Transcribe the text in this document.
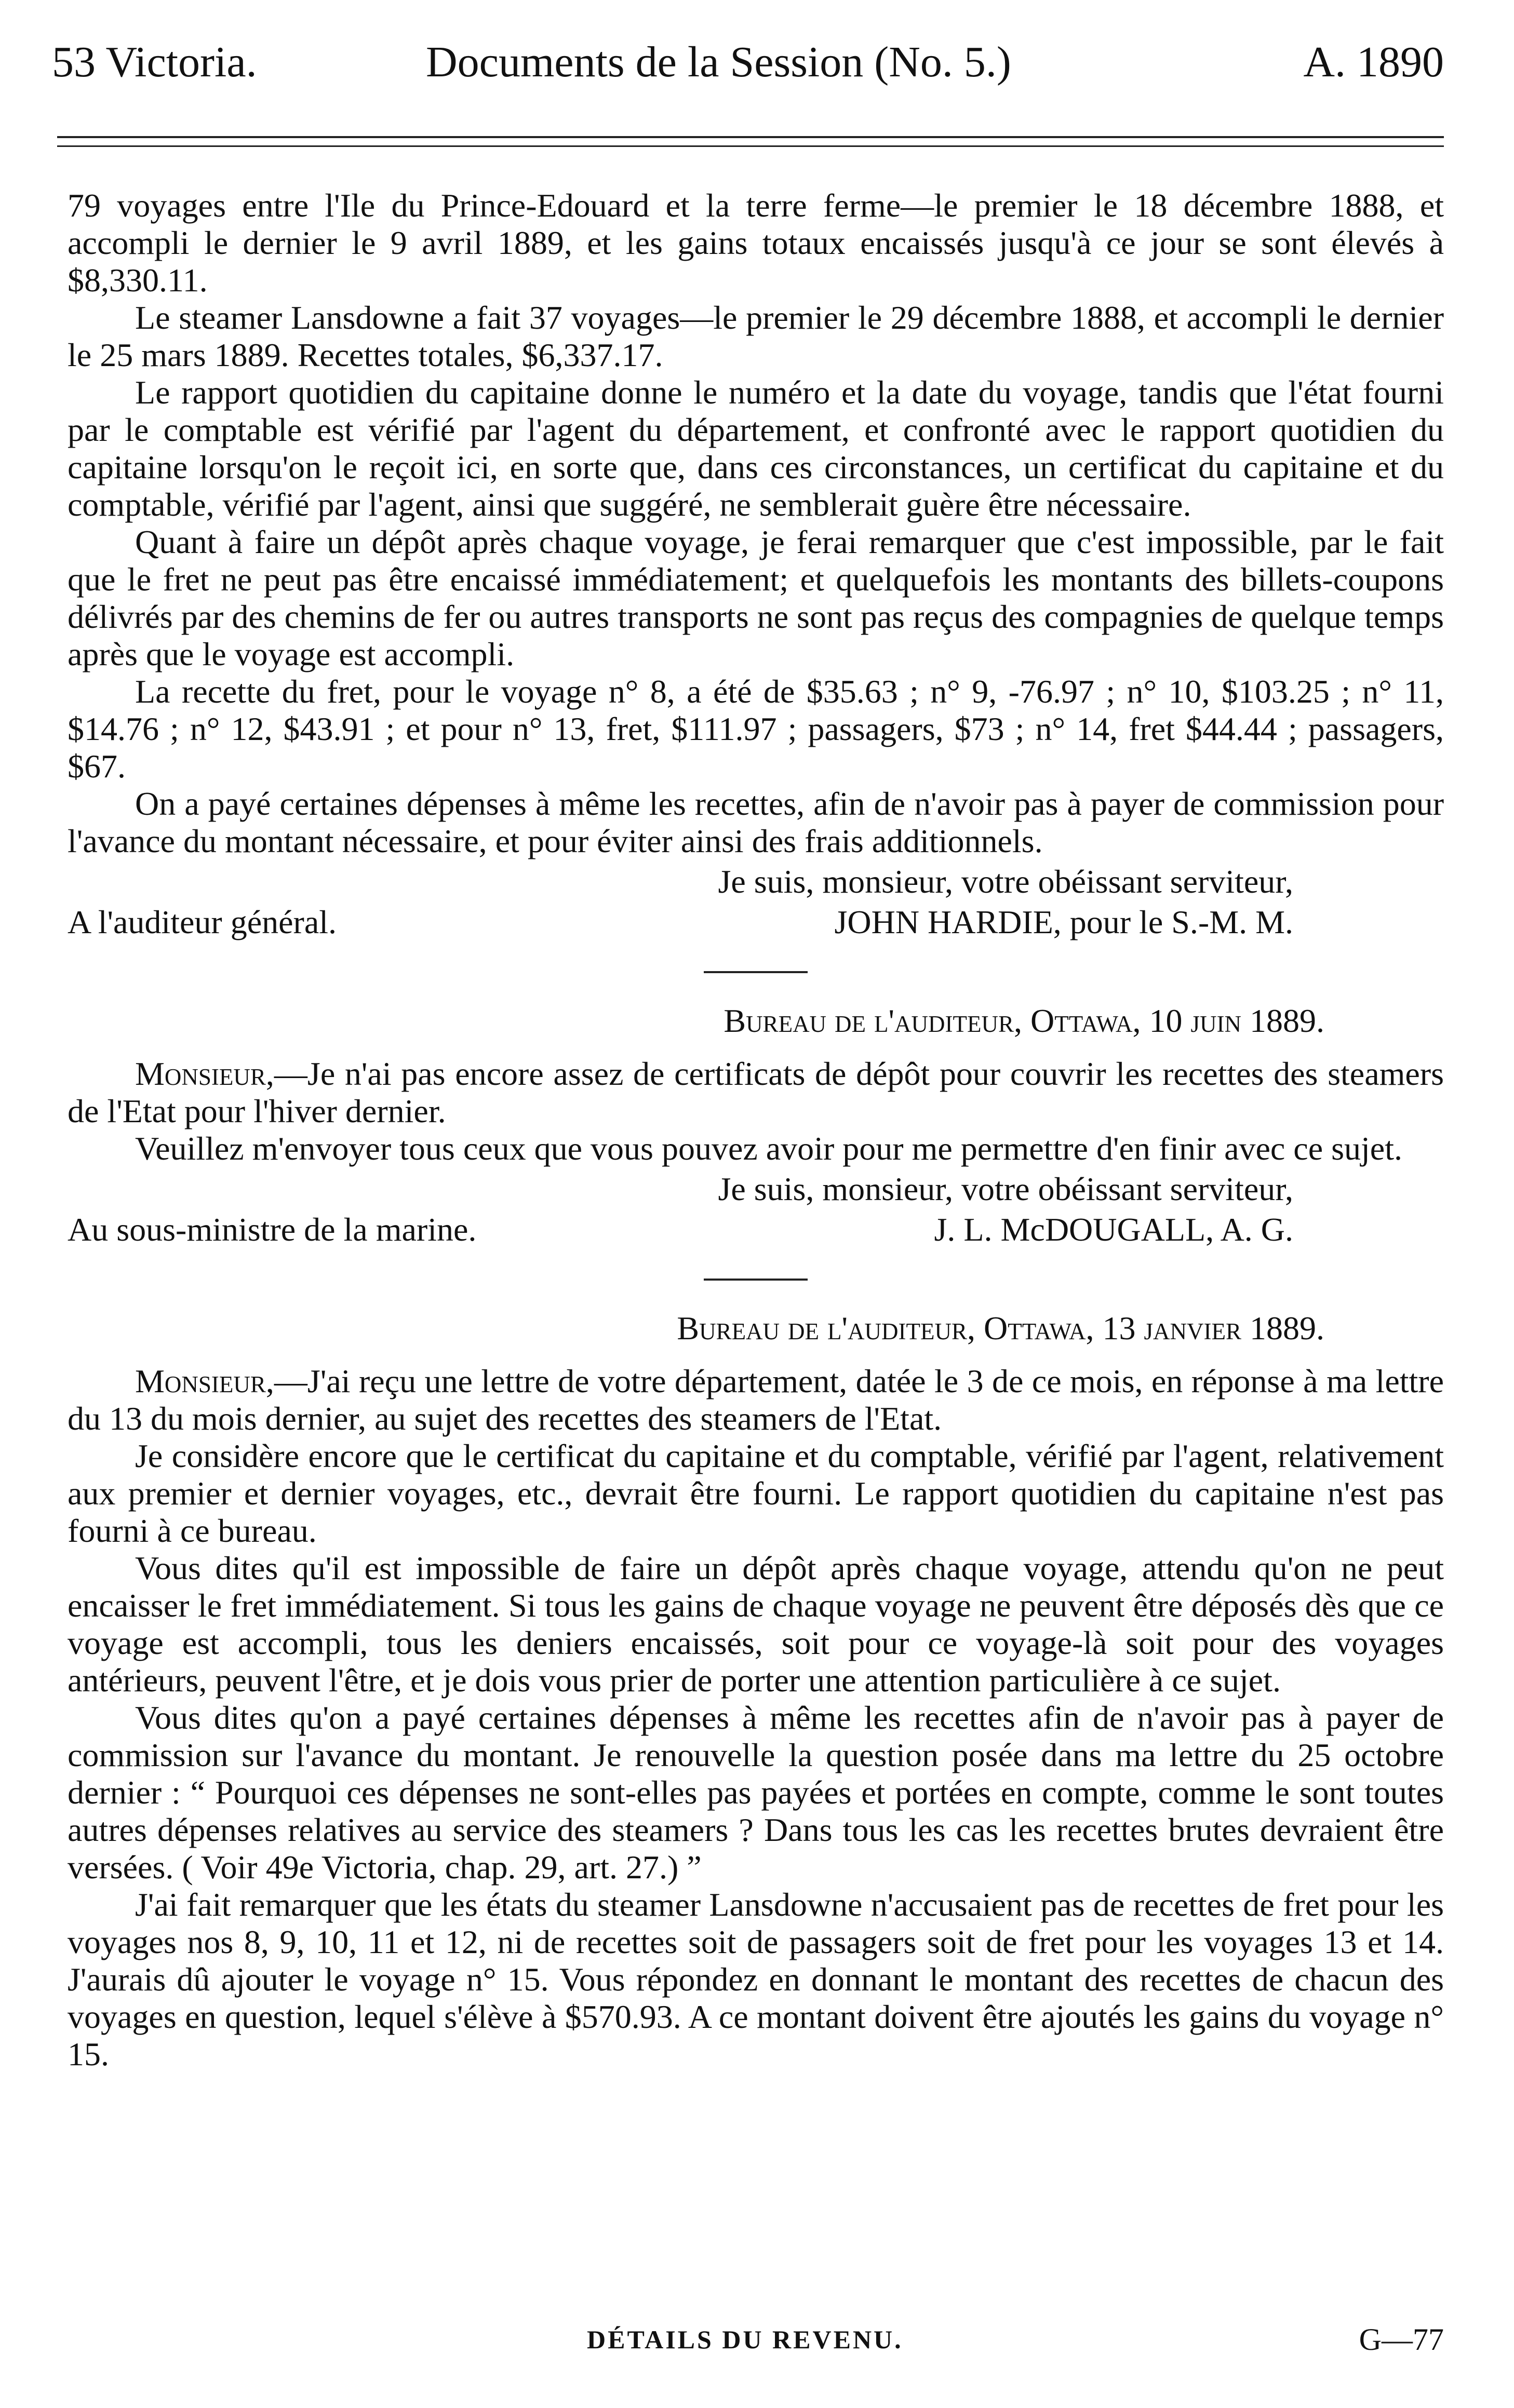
53 Victoria.	Documents de la Session (No. 5.)	A. 1890

79 voyages entre l'Ile du Prince-Edouard et la terre ferme—le premier le 18 décembre 1888, et accompli le dernier le 9 avril 1889, et les gains totaux encaissés jusqu'à ce jour se sont élevés à $8,330.11.

Le steamer Lansdowne a fait 37 voyages—le premier le 29 décembre 1888, et accompli le dernier le 25 mars 1889. Recettes totales, $6,337.17.

Le rapport quotidien du capitaine donne le numéro et la date du voyage, tandis que l'état fourni par le comptable est vérifié par l'agent du département, et confronté avec le rapport quotidien du capitaine lorsqu'on le reçoit ici, en sorte que, dans ces circonstances, un certificat du capitaine et du comptable, vérifié par l'agent, ainsi que suggéré, ne semblerait guère être nécessaire.

Quant à faire un dépôt après chaque voyage, je ferai remarquer que c'est impossible, par le fait que le fret ne peut pas être encaissé immédiatement; et quelquefois les montants des billets-coupons délivrés par des chemins de fer ou autres transports ne sont pas reçus des compagnies de quelque temps après que le voyage est accompli.

La recette du fret, pour le voyage n° 8, a été de $35.63 ; n° 9, -76.97 ; n° 10, $103.25 ; n° 11, $14.76 ; n° 12, $43.91 ; et pour n° 13, fret, $111.97 ; passagers, $73 ; n° 14, fret $44.44 ; passagers, $67.

On a payé certaines dépenses à même les recettes, afin de n'avoir pas à payer de commission pour l'avance du montant nécessaire, et pour éviter ainsi des frais additionnels.

Je suis, monsieur, votre obéissant serviteur,
A l'auditeur général.	JOHN HARDIE, pour le S.-M. M.
Bureau de l'auditeur, Ottawa, 10 juin 1889.

Monsieur,—Je n'ai pas encore assez de certificats de dépôt pour couvrir les recettes des steamers de l'Etat pour l'hiver dernier.

Veuillez m'envoyer tous ceux que vous pouvez avoir pour me permettre d'en finir avec ce sujet.

Je suis, monsieur, votre obéissant serviteur,
Au sous-ministre de la marine.	J. L. McDOUGALL, A. G.
Bureau de l'auditeur, Ottawa, 13 janvier 1889.

Monsieur,—J'ai reçu une lettre de votre département, datée le 3 de ce mois, en réponse à ma lettre du 13 du mois dernier, au sujet des recettes des steamers de l'Etat.

Je considère encore que le certificat du capitaine et du comptable, vérifié par l'agent, relativement aux premier et dernier voyages, etc., devrait être fourni. Le rapport quotidien du capitaine n'est pas fourni à ce bureau.

Vous dites qu'il est impossible de faire un dépôt après chaque voyage, attendu qu'on ne peut encaisser le fret immédiatement. Si tous les gains de chaque voyage ne peuvent être déposés dès que ce voyage est accompli, tous les deniers encaissés, soit pour ce voyage-là soit pour des voyages antérieurs, peuvent l'être, et je dois vous prier de porter une attention particulière à ce sujet.

Vous dites qu'on a payé certaines dépenses à même les recettes afin de n'avoir pas à payer de commission sur l'avance du montant. Je renouvelle la question posée dans ma lettre du 25 octobre dernier : “ Pourquoi ces dépenses ne sont-elles pas payées et portées en compte, comme le sont toutes autres dépenses relatives au service des steamers ? Dans tous les cas les recettes brutes devraient être versées. ( Voir 49e Victoria, chap. 29, art. 27.) ”

J'ai fait remarquer que les états du steamer Lansdowne n'accusaient pas de recettes de fret pour les voyages nos 8, 9, 10, 11 et 12, ni de recettes soit de passagers soit de fret pour les voyages 13 et 14. J'aurais dû ajouter le voyage n° 15. Vous répondez en donnant le montant des recettes de chacun des voyages en question, lequel s'élève à $570.93. A ce montant doivent être ajoutés les gains du voyage n° 15.

DÉTAILS DU REVENU.	G—77
